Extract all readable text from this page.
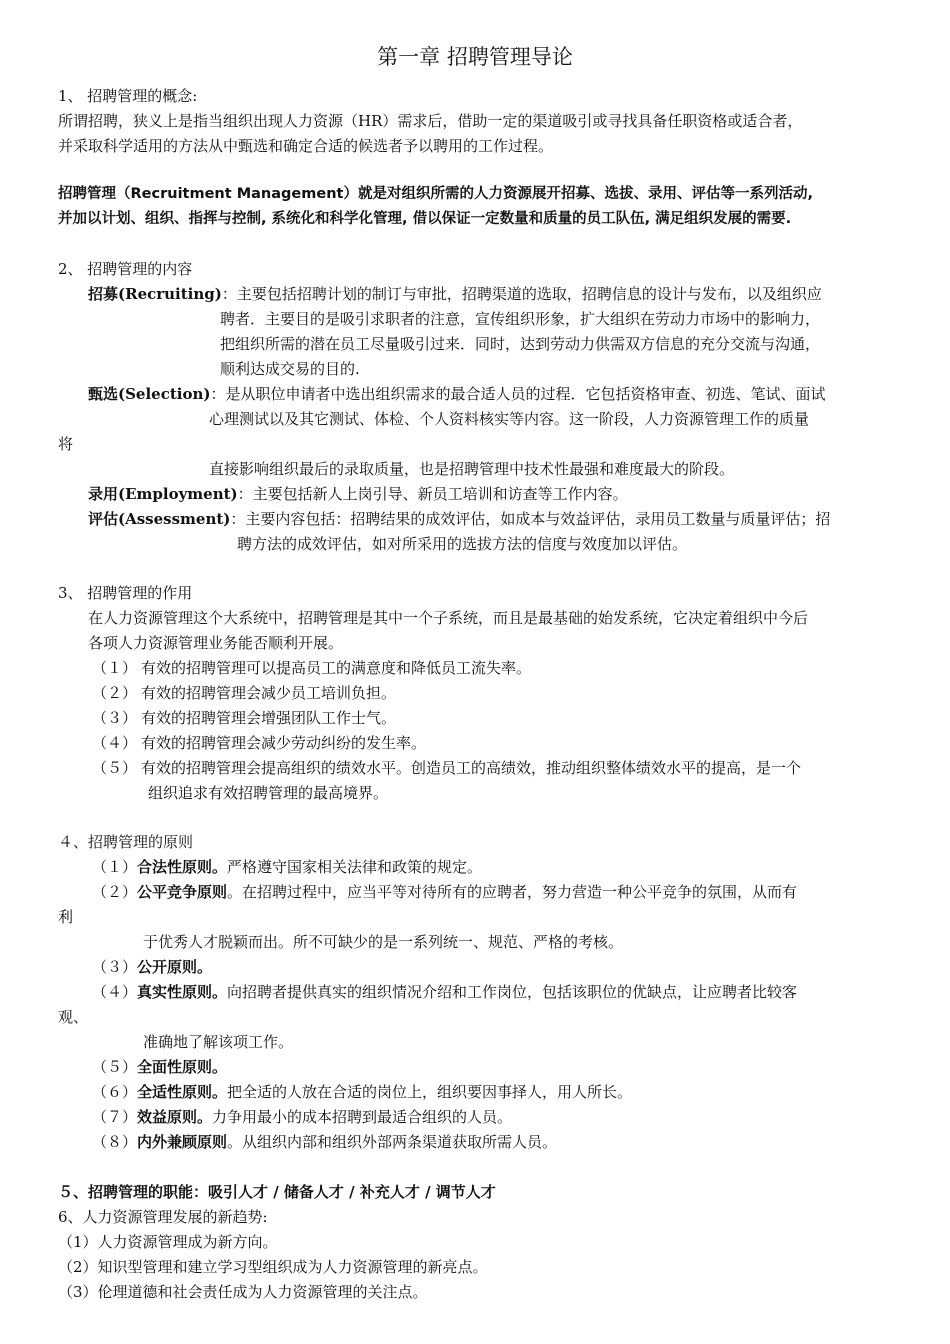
第一章 招聘管理导论
1、 招聘管理的概念:
所谓招聘，狭义上是指当组织出现人力资源（HR）需求后，借助一定的渠道吸引或寻找具备任职资格或适合者，
并采取科学适用的方法从中甄选和确定合适的候选者予以聘用的工作过程。
招聘管理（Recruitment Management）就是对组织所需的人力资源展开招募、选拔、录用、评估等一系列活动,
并加以计划、组织、指挥与控制, 系统化和科学化管理, 借以保证一定数量和质量的员工队伍, 满足组织发展的需要.
2、 招聘管理的内容
招募(Recruiting)：主要包括招聘计划的制订与审批，招聘渠道的选取，招聘信息的设计与发布，以及组织应
聘者．主要目的是吸引求职者的注意，宣传组织形象，扩大组织在劳动力市场中的影响力，
把组织所需的潜在员工尽量吸引过来．同时，达到劳动力供需双方信息的充分交流与沟通，
顺利达成交易的目的.
甄选(Selection)：是从职位申请者中选出组织需求的最合适人员的过程．它包括资格审查、初选、笔试、面试
心理测试以及其它测试、体检、个人资料核实等内容。这一阶段，人力资源管理工作的质量
将
直接影响组织最后的录取质量，也是招聘管理中技术性最强和难度最大的阶段。
录用(Employment)：主要包括新人上岗引导、新员工培训和访查等工作内容。
评估(Assessment)：主要内容包括：招聘结果的成效评估，如成本与效益评估，录用员工数量与质量评估；招
聘方法的成效评估，如对所采用的选拔方法的信度与效度加以评估。
3、 招聘管理的作用
在人力资源管理这个大系统中，招聘管理是其中一个子系统，而且是最基础的始发系统，它决定着组织中今后
各项人力资源管理业务能否顺利开展。
（１） 有效的招聘管理可以提高员工的满意度和降低员工流失率。
（２） 有效的招聘管理会减少员工培训负担。
（３） 有效的招聘管理会增强团队工作士气。
（４） 有效的招聘管理会减少劳动纠纷的发生率。
（５） 有效的招聘管理会提高组织的绩效水平。创造员工的高绩效，推动组织整体绩效水平的提高，是一个
组织追求有效招聘管理的最高境界。
４、招聘管理的原则
（１）合法性原则。严格遵守国家相关法律和政策的规定。
（２）公平竞争原则。在招聘过程中，应当平等对待所有的应聘者，努力营造一种公平竞争的氛围，从而有
利
于优秀人才脱颖而出。所不可缺少的是一系列统一、规范、严格的考核。
（３）公开原则。
（４）真实性原则。向招聘者提供真实的组织情况介绍和工作岗位，包括该职位的优缺点，让应聘者比较客
观、
准确地了解该项工作。
（５）全面性原则。
（６）全适性原则。把全适的人放在合适的岗位上，组织要因事择人，用人所长。
（７）效益原则。力争用最小的成本招聘到最适合组织的人员。
（８）内外兼顾原则。从组织内部和组织外部两条渠道获取所需人员。
５、招聘管理的职能：吸引人才 / 储备人才 / 补充人才 / 调节人才
6、人力资源管理发展的新趋势:
（1）人力资源管理成为新方向。
（2）知识型管理和建立学习型组织成为人力资源管理的新亮点。
（3）伦理道德和社会责任成为人力资源管理的关注点。
